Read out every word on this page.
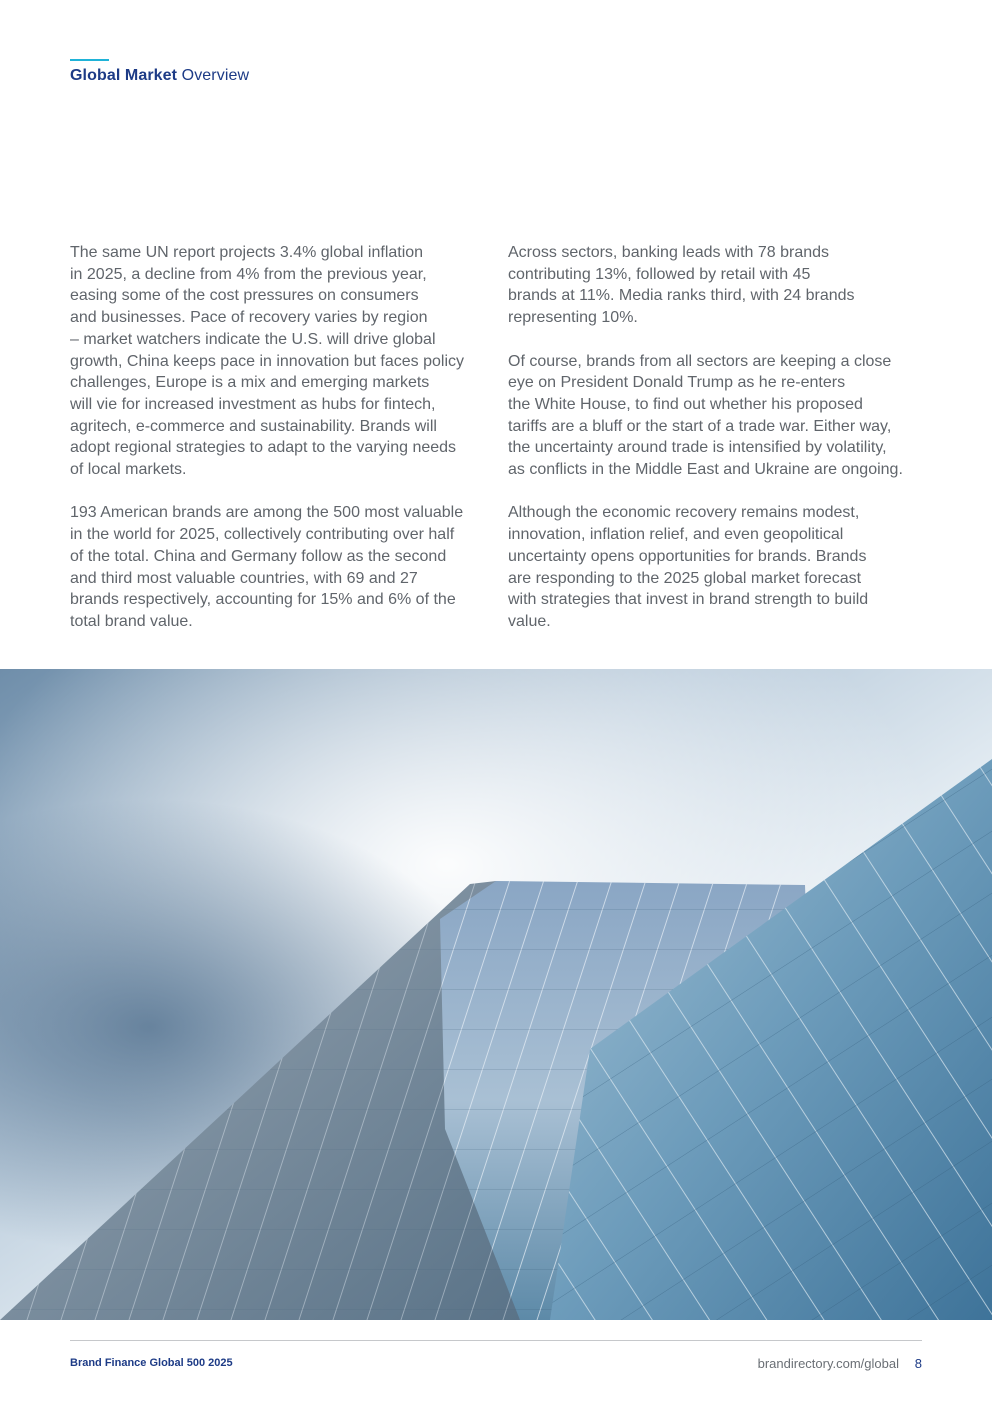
Global Market Overview

The same UN report projects 3.4% global inflation
in 2025, a decline from 4% from the previous year,
easing some of the cost pressures on consumers
and businesses. Pace of recovery varies by region
– market watchers indicate the U.S. will drive global
growth, China keeps pace in innovation but faces policy
challenges, Europe is a mix and emerging markets
will vie for increased investment as hubs for fintech,
agritech, e-commerce and sustainability. Brands will
adopt regional strategies to adapt to the varying needs
of local markets.

193 American brands are among the 500 most valuable
in the world for 2025, collectively contributing over half
of the total. China and Germany follow as the second
and third most valuable countries, with 69 and 27
brands respectively, accounting for 15% and 6% of the
total brand value.

Across sectors, banking leads with 78 brands
contributing 13%, followed by retail with 45
brands at 11%. Media ranks third, with 24 brands
representing 10%.

Of course, brands from all sectors are keeping a close
eye on President Donald Trump as he re-enters
the White House, to find out whether his proposed
tariffs are a bluff or the start of a trade war. Either way,
the uncertainty around trade is intensified by volatility,
as conflicts in the Middle East and Ukraine are ongoing.

Although the economic recovery remains modest,
innovation, inflation relief, and even geopolitical
uncertainty opens opportunities for brands. Brands
are responding to the 2025 global market forecast
with strategies that invest in brand strength to build
value.

Brand Finance Global 500 2025	brandirectory.com/global 8
